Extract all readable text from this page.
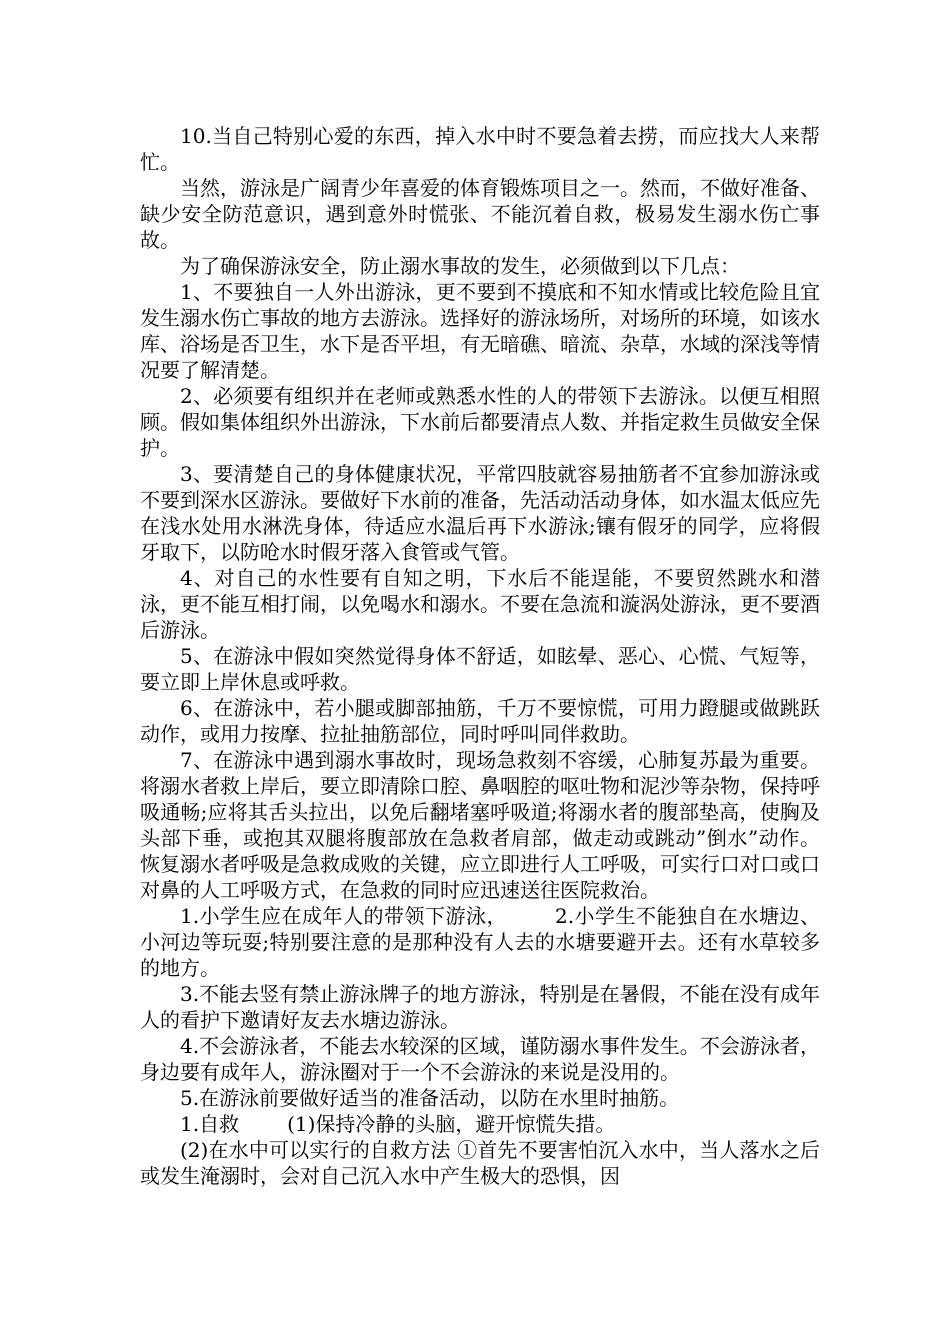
10.当自己特别心爱的东西，掉入水中时不要急着去捞，而应找大人来帮忙。

当然，游泳是广阔青少年喜爱的体育锻炼项目之一。然而，不做好准备、缺少安全防范意识，遇到意外时慌张、不能沉着自救，极易发生溺水伤亡事故。

为了确保游泳安全，防止溺水事故的发生，必须做到以下几点：

1、不要独自一人外出游泳，更不要到不摸底和不知水情或比较危险且宜发生溺水伤亡事故的地方去游泳。选择好的游泳场所，对场所的环境，如该水库、浴场是否卫生，水下是否平坦，有无暗礁、暗流、杂草，水域的深浅等情况要了解清楚。

2、必须要有组织并在老师或熟悉水性的人的带领下去游泳。以便互相照顾。假如集体组织外出游泳，下水前后都要清点人数、并指定救生员做安全保护。

3、要清楚自己的身体健康状况，平常四肢就容易抽筋者不宜参加游泳或不要到深水区游泳。要做好下水前的准备，先活动活动身体，如水温太低应先在浅水处用水淋洗身体，待适应水温后再下水游泳;镶有假牙的同学，应将假牙取下，以防呛水时假牙落入食管或气管。

4、对自己的水性要有自知之明，下水后不能逞能，不要贸然跳水和潜泳，更不能互相打闹，以免喝水和溺水。不要在急流和漩涡处游泳，更不要酒后游泳。

5、在游泳中假如突然觉得身体不舒适，如眩晕、恶心、心慌、气短等，要立即上岸休息或呼救。

6、在游泳中，若小腿或脚部抽筋，千万不要惊慌，可用力蹬腿或做跳跃动作，或用力按摩、拉扯抽筋部位，同时呼叫同伴救助。

7、在游泳中遇到溺水事故时，现场急救刻不容缓，心肺复苏最为重要。将溺水者救上岸后，要立即清除口腔、鼻咽腔的呕吐物和泥沙等杂物，保持呼吸通畅;应将其舌头拉出，以免后翻堵塞呼吸道;将溺水者的腹部垫高，使胸及头部下垂，或抱其双腿将腹部放在急救者肩部，做走动或跳动”倒水”动作。恢复溺水者呼吸是急救成败的关键，应立即进行人工呼吸，可实行口对口或口对鼻的人工呼吸方式，在急救的同时应迅速送往医院救治。

1.小学生应在成年人的带领下游泳， 2.小学生不能独自在水塘边、小河边等玩耍;特别要注意的是那种没有人去的水塘要避开去。还有水草较多的地方。

3.不能去竖有禁止游泳牌子的地方游泳，特别是在暑假，不能在没有成年人的看护下邀请好友去水塘边游泳。

4.不会游泳者，不能去水较深的区域，谨防溺水事件发生。不会游泳者，身边要有成年人，游泳圈对于一个不会游泳的来说是没用的。

5.在游泳前要做好适当的准备活动，以防在水里时抽筋。

1.自救 (1)保持冷静的头脑，避开惊慌失措。

(2)在水中可以实行的自救方法 ①首先不要害怕沉入水中，当人落水之后或发生淹溺时，会对自己沉入水中产生极大的恐惧，因
